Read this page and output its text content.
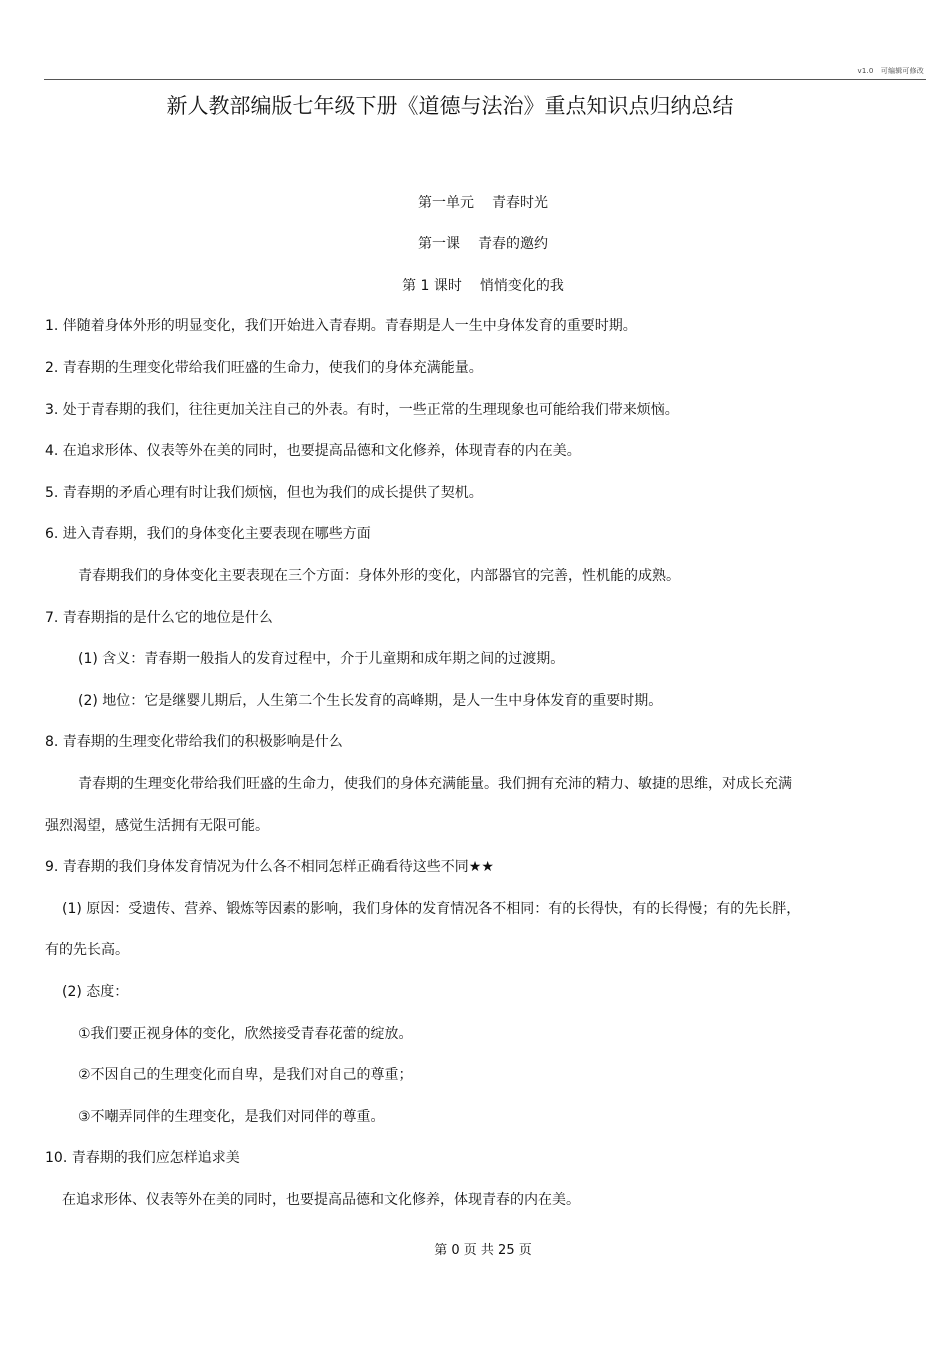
v1.0　可编辑可修改
新人教部编版七年级下册《道德与法治》重点知识点归纳总结
第一单元 青春时光
第一课 青春的邀约
第 1 课时 悄悄变化的我
1. 伴随着身体外形的明显变化，我们开始进入青春期。青春期是人一生中身体发育的重要时期。
2. 青春期的生理变化带给我们旺盛的生命力，使我们的身体充满能量。
3. 处于青春期的我们，往往更加关注自己的外表。有时，一些正常的生理现象也可能给我们带来烦恼。
4. 在追求形体、仪表等外在美的同时，也要提高品德和文化修养，体现青春的内在美。
5. 青春期的矛盾心理有时让我们烦恼，但也为我们的成长提供了契机。
6. 进入青春期，我们的身体变化主要表现在哪些方面
青春期我们的身体变化主要表现在三个方面：身体外形的变化，内部器官的完善，性机能的成熟。
7. 青春期指的是什么它的地位是什么
(1) 含义：青春期一般指人的发育过程中，介于儿童期和成年期之间的过渡期。
(2) 地位：它是继婴儿期后，人生第二个生长发育的高峰期，是人一生中身体发育的重要时期。
8. 青春期的生理变化带给我们的积极影响是什么
青春期的生理变化带给我们旺盛的生命力，使我们的身体充满能量。我们拥有充沛的精力、敏捷的思维，对成长充满
强烈渴望，感觉生活拥有无限可能。
9. 青春期的我们身体发育情况为什么各不相同怎样正确看待这些不同★★
(1) 原因：受遗传、营养、锻炼等因素的影响，我们身体的发育情况各不相同：有的长得快，有的长得慢；有的先长胖，
有的先长高。
(2) 态度：
①我们要正视身体的变化，欣然接受青春花蕾的绽放。
②不因自己的生理变化而自卑，是我们对自己的尊重；
③不嘲弄同伴的生理变化，是我们对同伴的尊重。
10. 青春期的我们应怎样追求美
在追求形体、仪表等外在美的同时，也要提高品德和文化修养，体现青春的内在美。
第 0 页 共 25 页
